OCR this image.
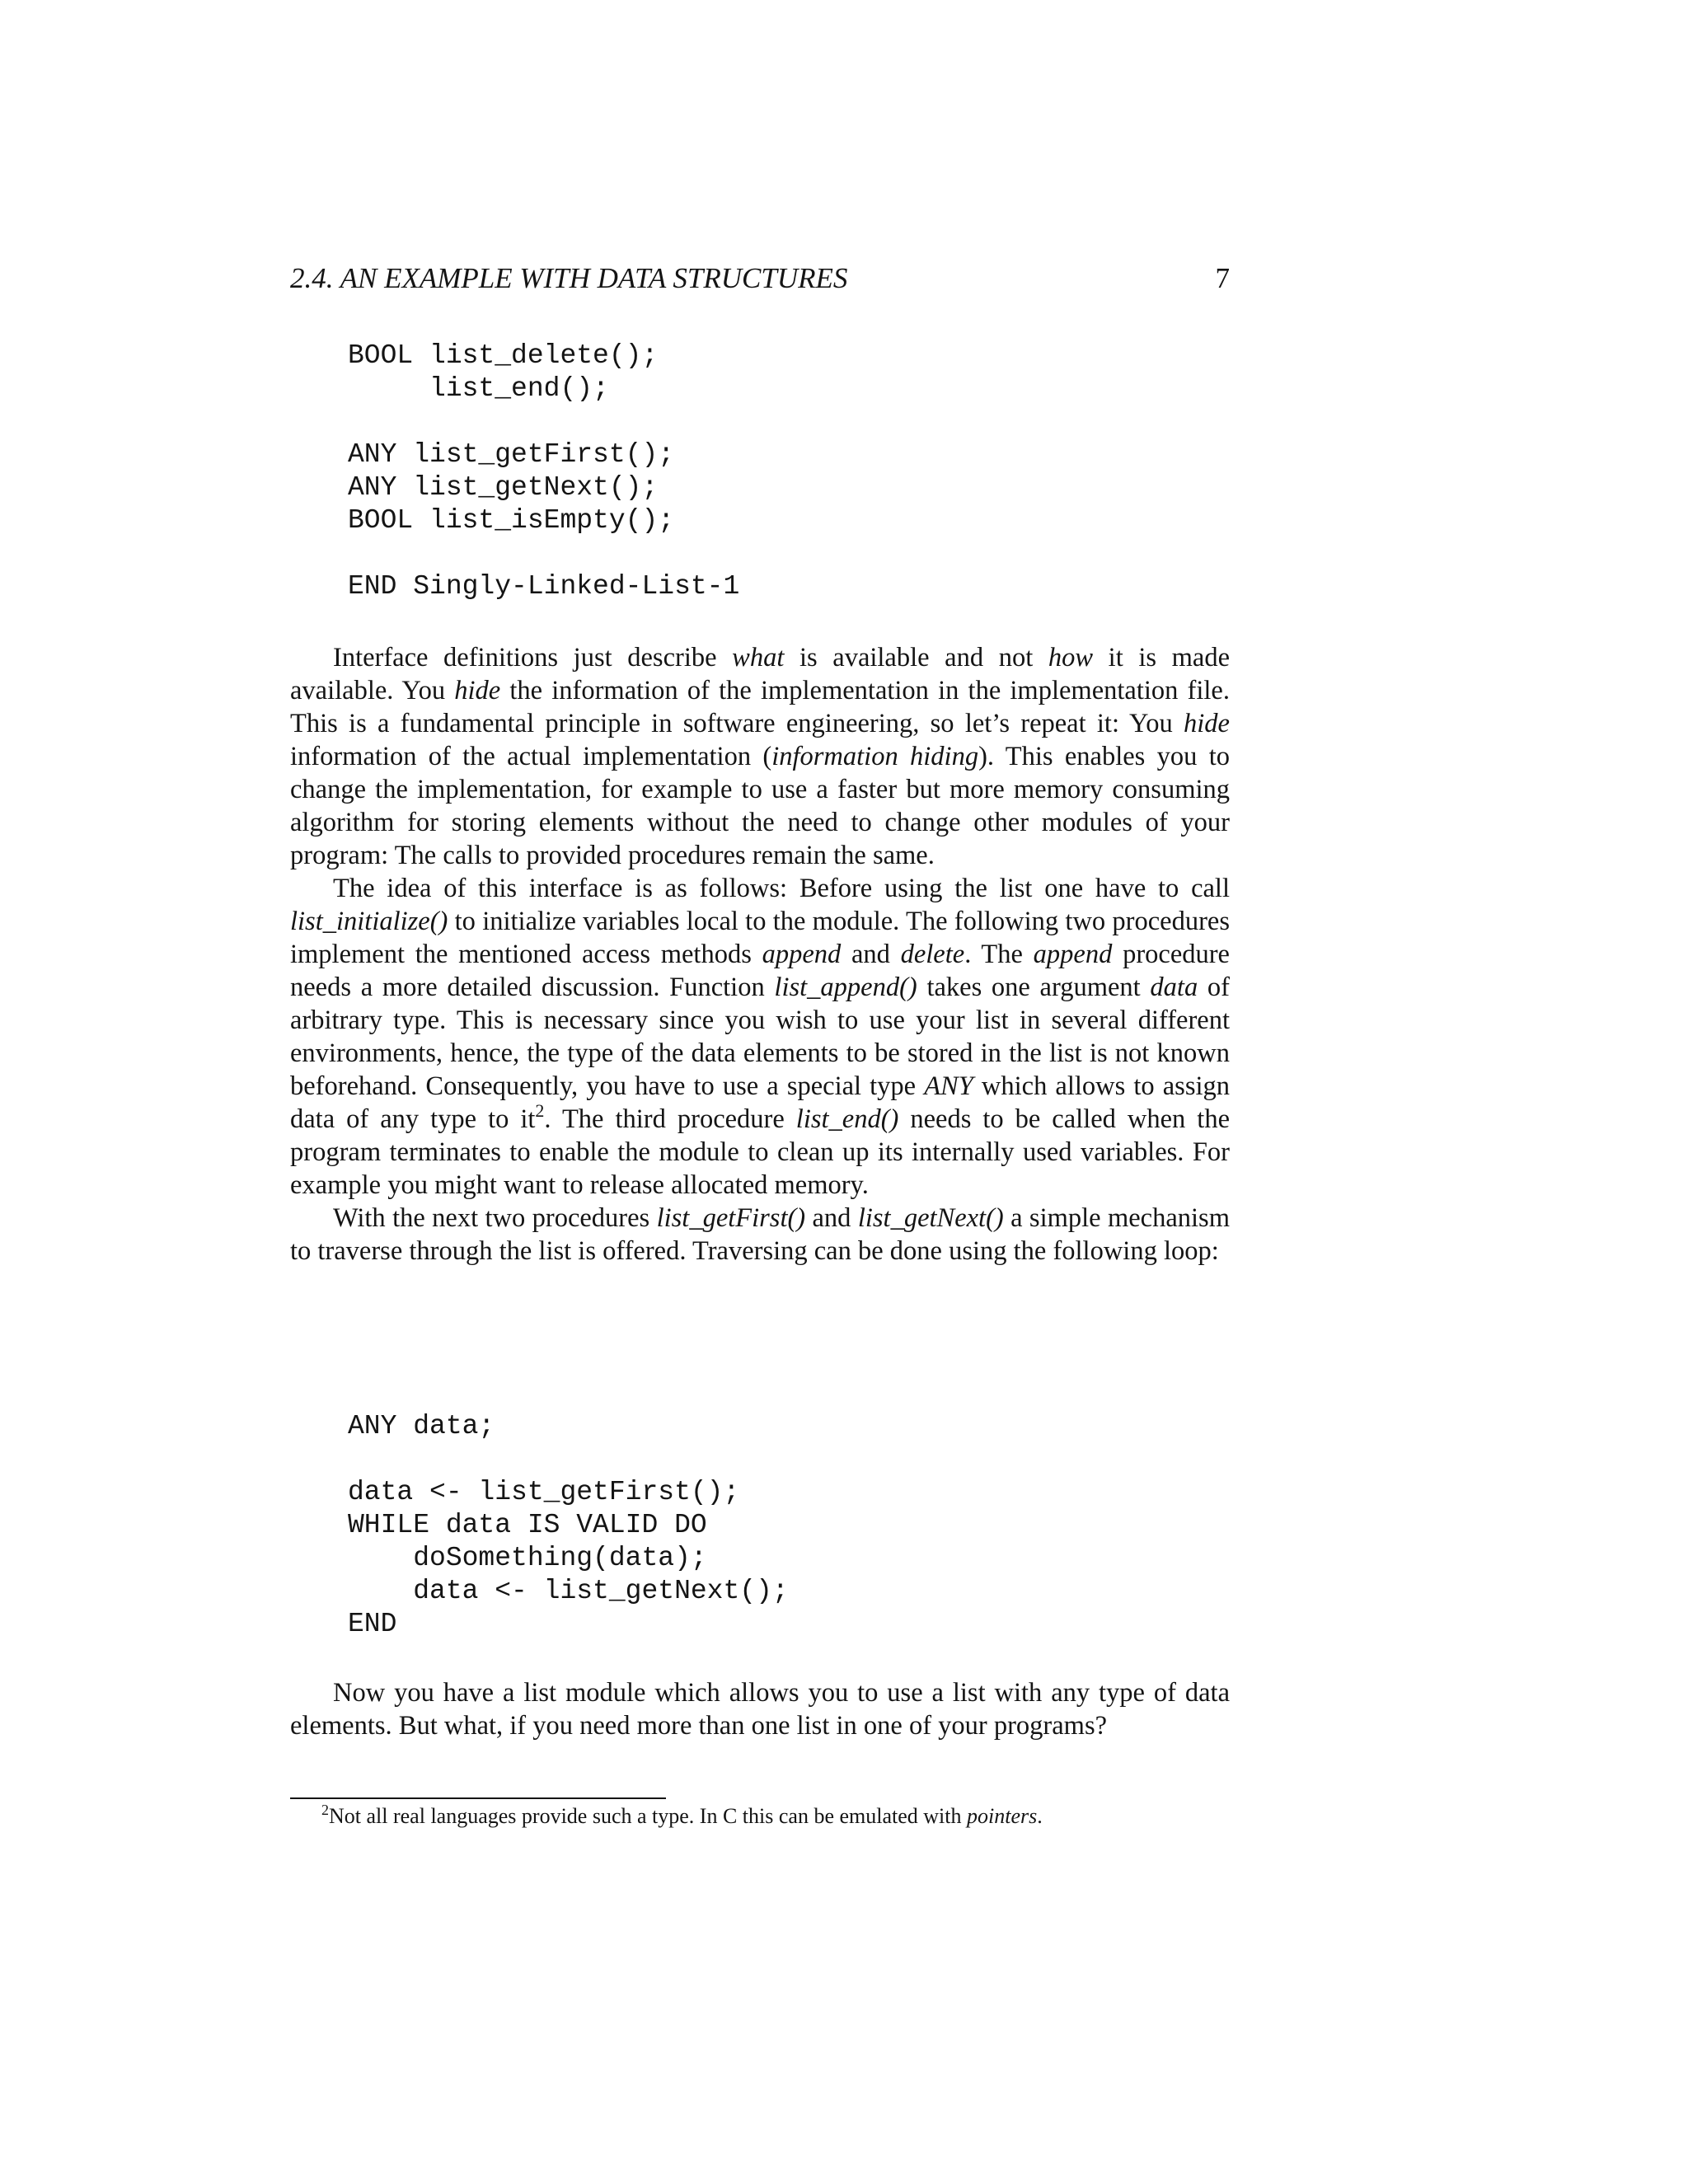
2.4. AN EXAMPLE WITH DATA STRUCTURES	7
BOOL list_delete();
list_end();
ANY list_getFirst();
ANY list_getNext();
BOOL list_isEmpty();
END Singly-Linked-List-1

Interface definitions just describe what is available and not how it is made available. You hide the information of the implementation in the implementation file. This is a fundamental principle in software engineering, so let’s repeat it: You hide information of the actual implementation (information hiding). This enables you to change the implementation, for example to use a faster but more memory consuming algorithm for storing elements without the need to change other modules of your program: The calls to provided procedures remain the same.

The idea of this interface is as follows: Before using the list one have to call list_initialize() to initialize variables local to the module. The following two procedures implement the mentioned access methods append and delete. The append procedure needs a more detailed discussion. Function list_append() takes one argument data of arbitrary type. This is necessary since you wish to use your list in several different environments, hence, the type of the data elements to be stored in the list is not known beforehand. Consequently, you have to use a special type ANY which allows to assign data of any type to $it^2$. The third procedure list_end() needs to be called when the program terminates to enable the module to clean up its internally used variables. For example you might want to release allocated memory.

With the next two procedures list_getFirst() and list_getNext() a simple mechanism to traverse through the list is offered. Traversing can be done using the following loop:

ANY data;
data <- list_getFirst();
WHILE data IS VALID DO
doSomething(data);
data <- list_getNext();
END

Now you have a list module which allows you to use a list with any type of data elements. But what, if you need more than one list in one of your programs?

$^2$Not all real languages provide such a type. In C this can be emulated with pointers.
